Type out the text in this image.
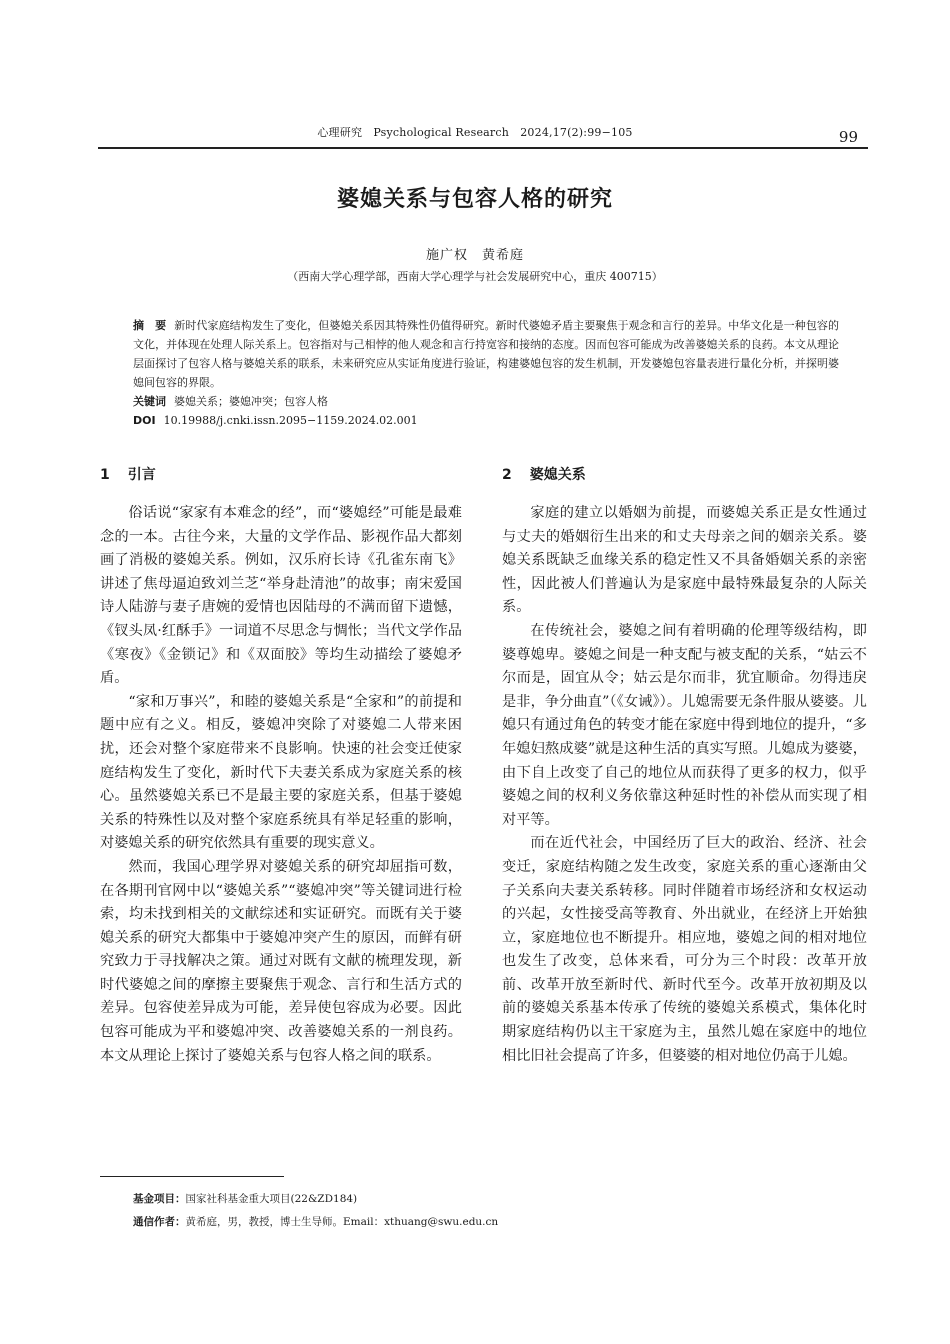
心理研究　Psychological Research　2024,17(2):99−105	99
婆媳关系与包容人格的研究
施广权　黄希庭
（西南大学心理学部，西南大学心理学与社会发展研究中心，重庆 400715）

摘　要 新时代家庭结构发生了变化，但婆媳关系因其特殊性仍值得研究。新时代婆媳矛盾主要聚焦于观念和言行的差异。中华文化是一种包容的文化，并体现在处理人际关系上。包容指对与己相悖的他人观念和言行持宽容和接纳的态度。因而包容可能成为改善婆媳关系的良药。本文从理论层面探讨了包容人格与婆媳关系的联系，未来研究应从实证角度进行验证，构建婆媳包容的发生机制，开发婆媳包容量表进行量化分析，并探明婆媳间包容的界限。

关键词 婆媳关系；婆媳冲突；包容人格

DOI 10.19988/j.cnki.issn.2095−1159.2024.02.001

1 引言

俗话说“家家有本难念的经”，而“婆媳经”可能是最难念的一本。古往今来，大量的文学作品、影视作品大都刻画了消极的婆媳关系。例如，汉乐府长诗《孔雀东南飞》讲述了焦母逼迫致刘兰芝“举身赴清池”的故事；南宋爱国诗人陆游与妻子唐婉的爱情也因陆母的不满而留下遗憾，《钗头凤·红酥手》一词道不尽思念与惆怅；当代文学作品《寒夜》《金锁记》和《双面胶》等均生动描绘了婆媳矛盾。

“家和万事兴”，和睦的婆媳关系是“全家和”的前提和题中应有之义。相反，婆媳冲突除了对婆媳二人带来困扰，还会对整个家庭带来不良影响。快速的社会变迁使家庭结构发生了变化，新时代下夫妻关系成为家庭关系的核心。虽然婆媳关系已不是最主要的家庭关系，但基于婆媳关系的特殊性以及对整个家庭系统具有举足轻重的影响，对婆媳关系的研究依然具有重要的现实意义。

然而，我国心理学界对婆媳关系的研究却屈指可数，在各期刊官网中以“婆媳关系”“婆媳冲突”等关键词进行检索，均未找到相关的文献综述和实证研究。而既有关于婆媳关系的研究大都集中于婆媳冲突产生的原因，而鲜有研究致力于寻找解决之策。通过对既有文献的梳理发现，新时代婆媳之间的摩擦主要聚焦于观念、言行和生活方式的差异。包容使差异成为可能，差异使包容成为必要。因此包容可能成为平和婆媳冲突、改善婆媳关系的一剂良药。本文从理论上探讨了婆媳关系与包容人格之间的联系。

2 婆媳关系

家庭的建立以婚姻为前提，而婆媳关系正是女性通过与丈夫的婚姻衍生出来的和丈夫母亲之间的姻亲关系。婆媳关系既缺乏血缘关系的稳定性又不具备婚姻关系的亲密性，因此被人们普遍认为是家庭中最特殊最复杂的人际关系。

在传统社会，婆媳之间有着明确的伦理等级结构，即婆尊媳卑。婆媳之间是一种支配与被支配的关系，“姑云不尔而是，固宜从令；姑云是尔而非，犹宜顺命。勿得违戾是非，争分曲直”（《女诫》）。儿媳需要无条件服从婆婆。儿媳只有通过角色的转变才能在家庭中得到地位的提升，“多年媳妇熬成婆”就是这种生活的真实写照。儿媳成为婆婆，由下自上改变了自己的地位从而获得了更多的权力，似乎婆媳之间的权利义务依靠这种延时性的补偿从而实现了相对平等。

而在近代社会，中国经历了巨大的政治、经济、社会变迁，家庭结构随之发生改变，家庭关系的重心逐渐由父子关系向夫妻关系转移。同时伴随着市场经济和女权运动的兴起，女性接受高等教育、外出就业，在经济上开始独立，家庭地位也不断提升。相应地，婆媳之间的相对地位也发生了改变，总体来看，可分为三个时段：改革开放前、改革开放至新时代、新时代至今。改革开放初期及以前的婆媳关系基本传承了传统的婆媳关系模式，集体化时期家庭结构仍以主干家庭为主，虽然儿媳在家庭中的地位相比旧社会提高了许多，但婆婆的相对地位仍高于儿媳。

基金项目：国家社科基金重大项目(22&ZD184)

通信作者：黄希庭，男，教授，博士生导师。Email：xthuang@swu.edu.cn
